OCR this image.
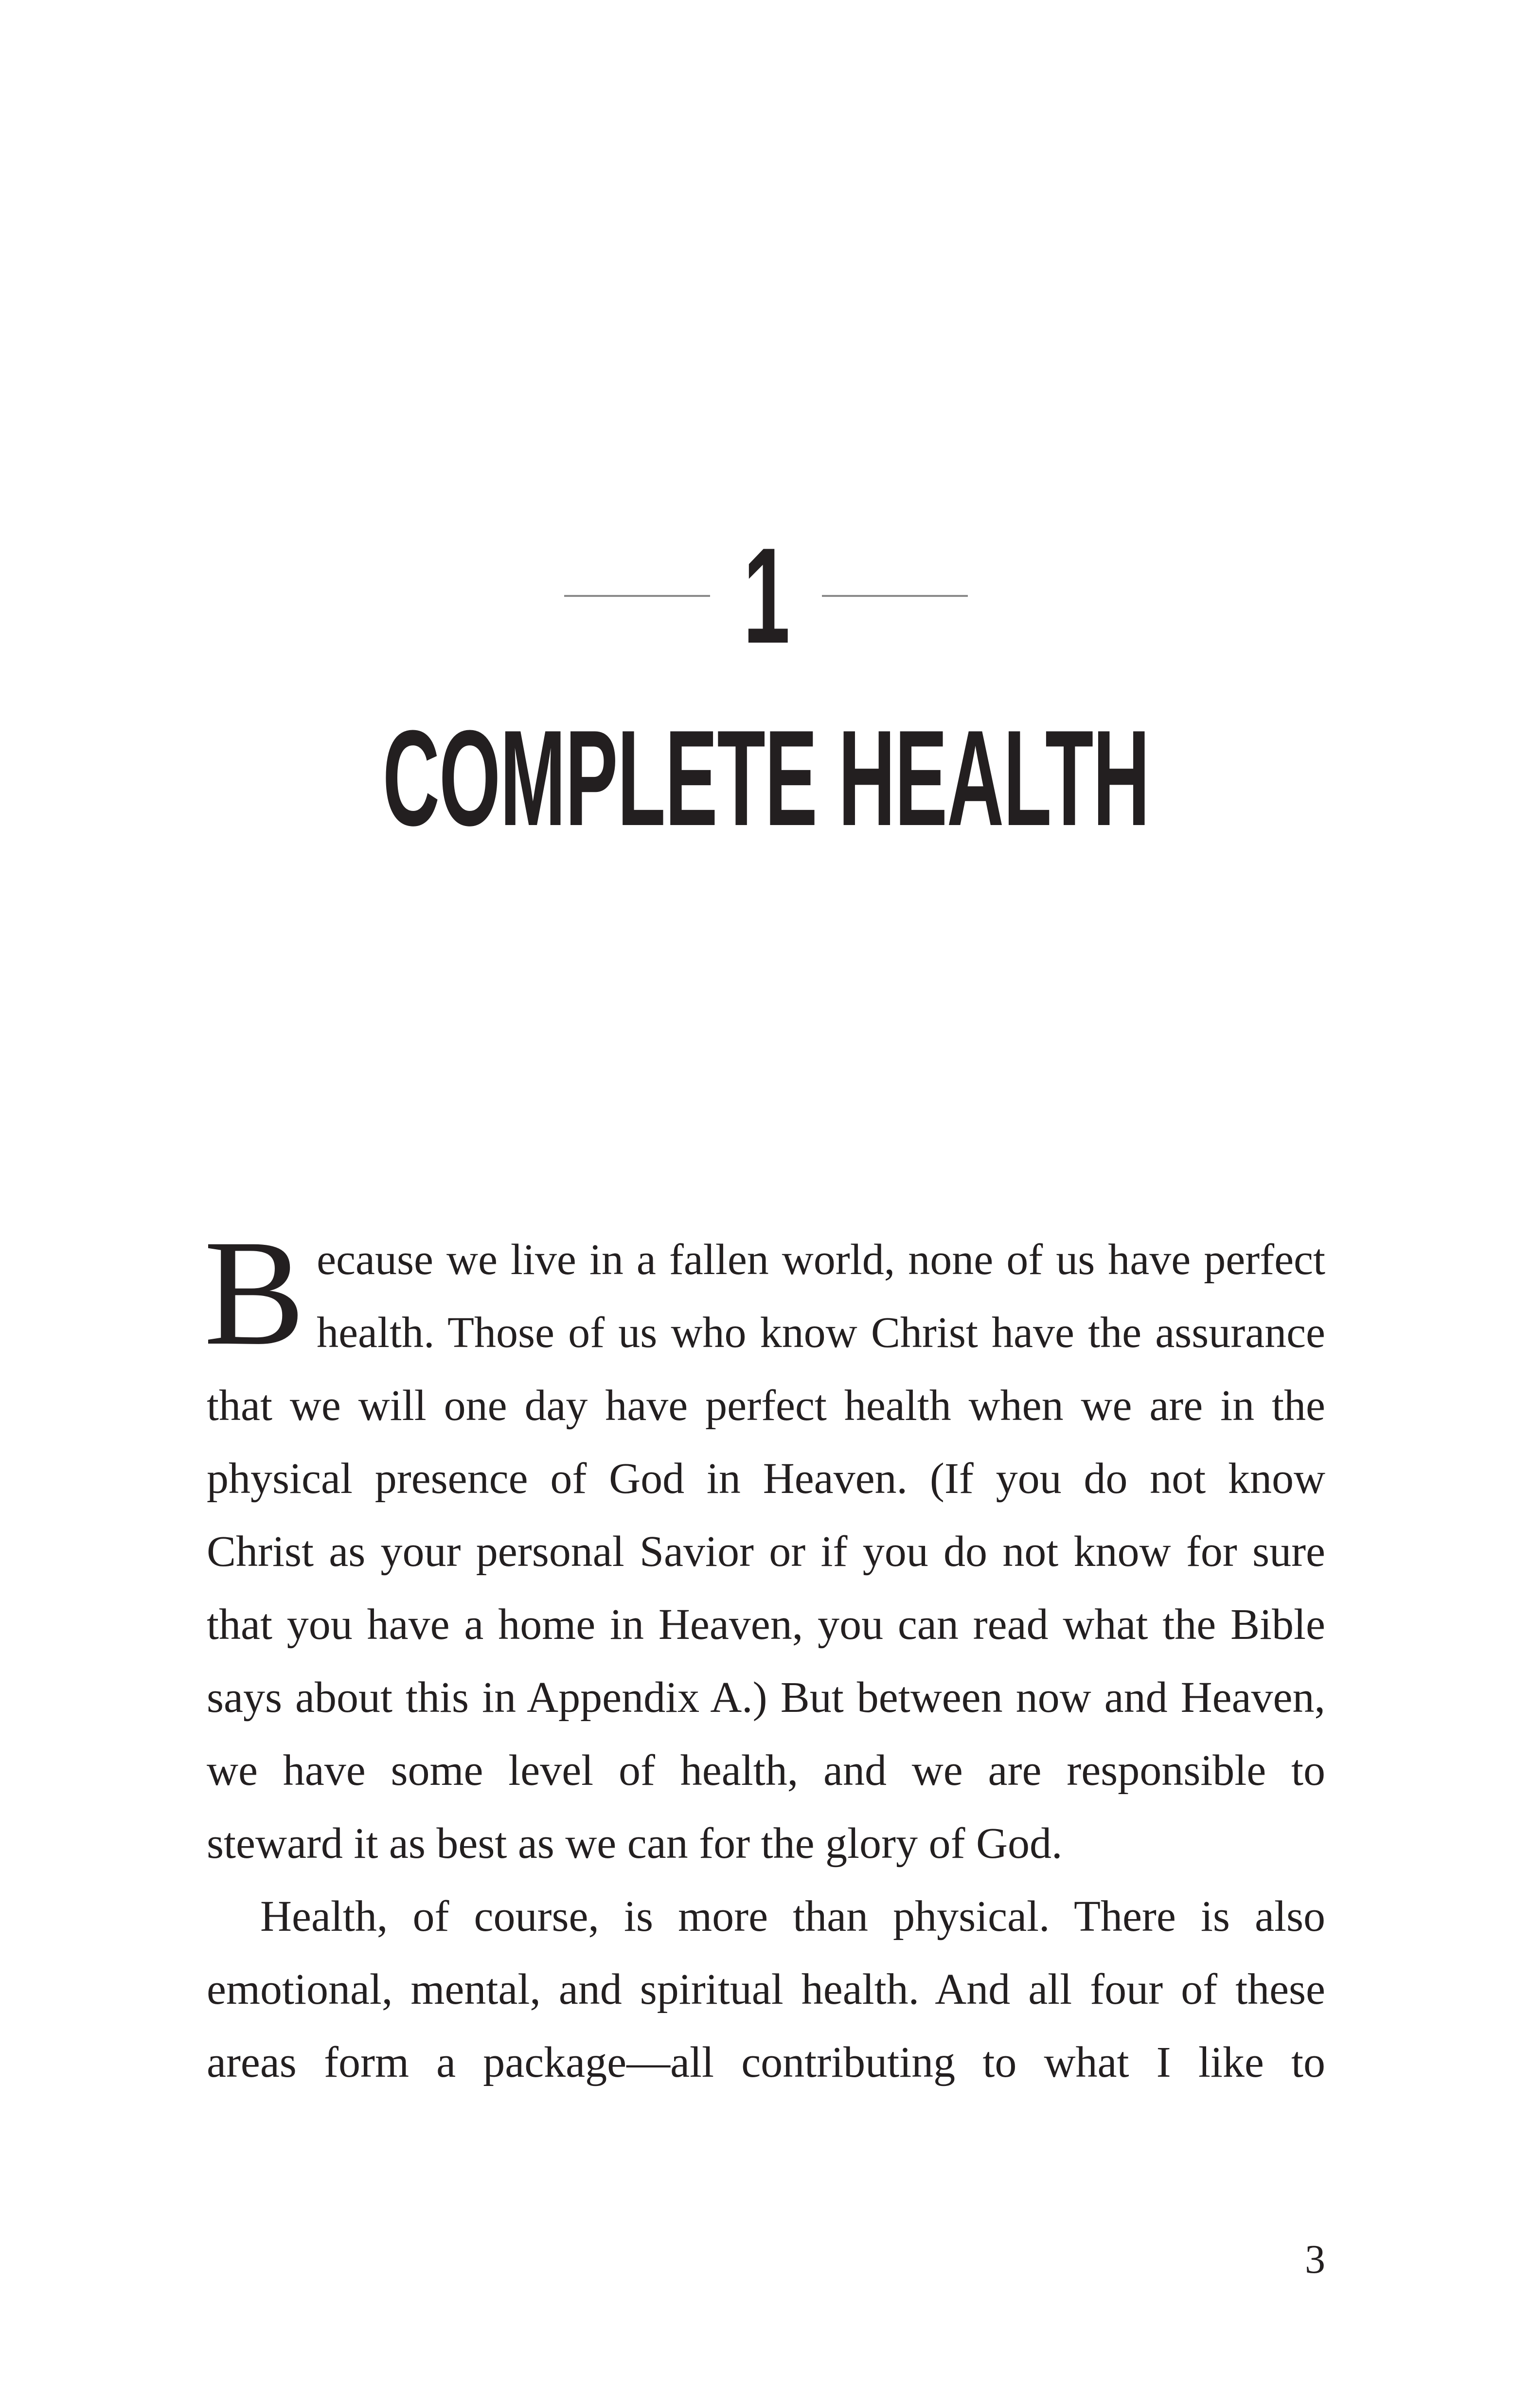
1
COMPLETE HEALTH

Because we live in a fallen world, none of us have perfect health. Those of us who know Christ have the assurance that we will one day have perfect health when we are in the physical presence of God in Heaven. (If you do not know Christ as your personal Savior or if you do not know for sure that you have a home in Heaven, you can read what the Bible says about this in Appendix A.) But between now and Heaven, we have some level of health, and we are responsible to steward it as best as we can for the glory of God.

Health, of course, is more than physical. There is also emotional, mental, and spiritual health. And all four of these areas form a package—all contributing to what I like to

3
